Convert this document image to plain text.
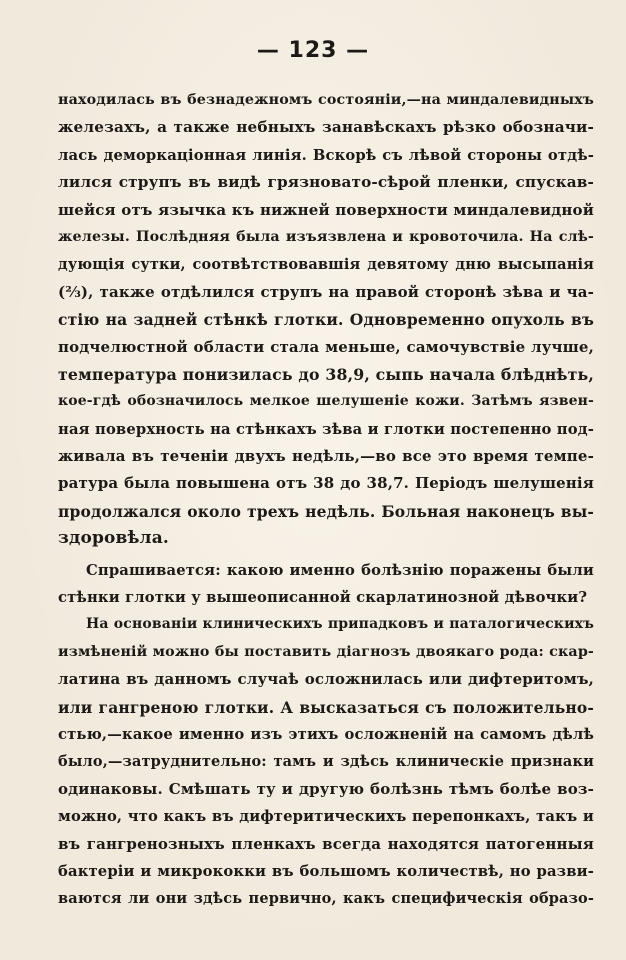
— 123 —
находилась въ безнадежномъ состояніи,—на миндалевидныхъ
железахъ, а также небныхъ занавѣскахъ рѣзко обозначи-
лась деморкаціонная линія. Вскорѣ съ лѣвой стороны отдѣ-
лился струпъ въ видѣ грязновато-сѣрой пленки, спускав-
шейся отъ язычка къ нижней поверхности миндалевидной
железы. Послѣдняя была изъязвлена и кровоточила. На слѣ-
дующія сутки, соотвѣтствовавшія девятому дню высыпанія
(⅔), также отдѣлился струпъ на правой сторонѣ зѣва и ча-
стію на задней стѣнкѣ глотки. Одновременно опухоль въ
подчелюстной области стала меньше, самочувствіе лучше,
температура понизилась до 38,9, сыпь начала блѣднѣть,
кое-гдѣ обозначилось мелкое шелушеніе кожи. Затѣмъ язвен-
ная поверхность на стѣнкахъ зѣва и глотки постепенно под-
живала въ теченіи двухъ недѣль,—во все это время темпе-
ратура была повышена отъ 38 до 38,7. Періодъ шелушенія
продолжался около трехъ недѣль. Больная наконецъ вы-
здоровѣла.
Спрашивается: какою именно болѣзнію поражены были
стѣнки глотки у вышеописанной скарлатинозной дѣвочки?
На основаніи клиническихъ припадковъ и паталогическихъ
измѣненій можно бы поставить діагнозъ двоякаго рода: скар-
латина въ данномъ случаѣ осложнилась или дифтеритомъ,
или гангреною глотки. А высказаться съ положительно-
стью,—какое именно изъ этихъ осложненій на самомъ дѣлѣ
было,—затруднительно: тамъ и здѣсь клиническіе признаки
одинаковы. Смѣшать ту и другую болѣзнь тѣмъ болѣе воз-
можно, что какъ въ дифтеритическихъ перепонкахъ, такъ и
въ гангренозныхъ пленкахъ всегда находятся патогенныя
бактеріи и микрококки въ большомъ количествѣ, но разви-
ваются ли они здѣсь первично, какъ специфическія образо-
